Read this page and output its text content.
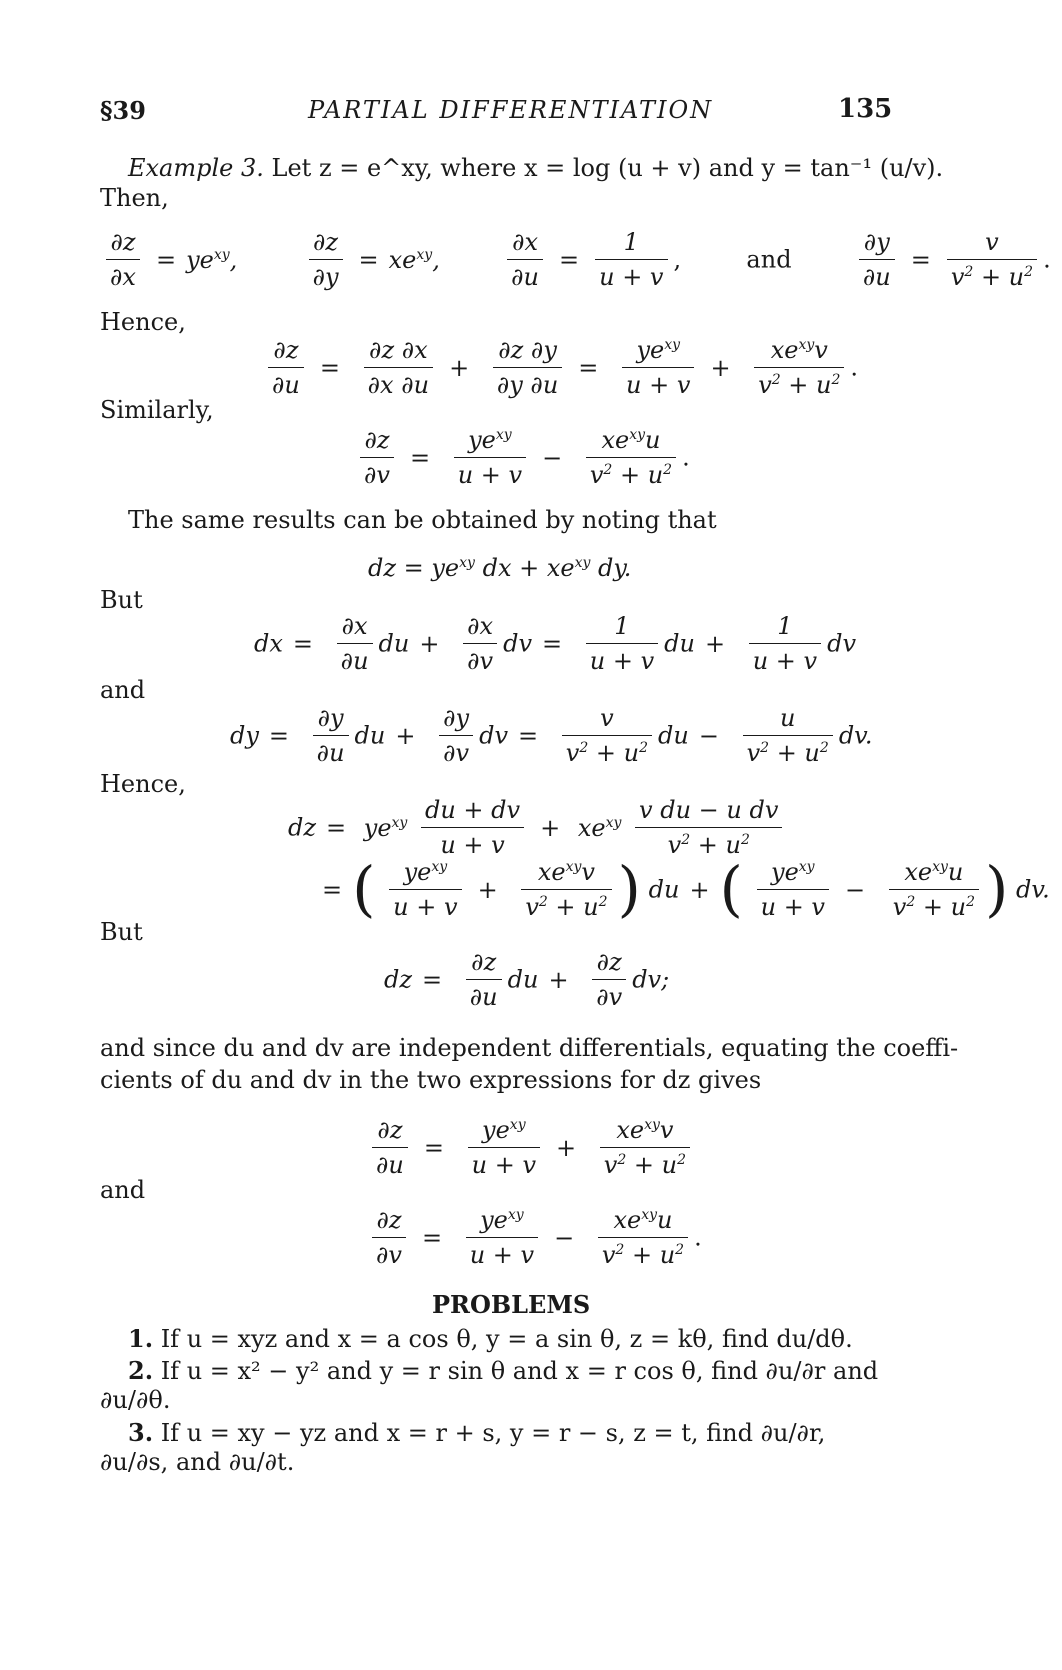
§39	PARTIAL DIFFERENTIATION	135
Example 3. Let z = e^xy, where x = log (u + v) and y = tan⁻¹ (u/v).
Then,
$\frac{\partial z}{\partial x} = ye^{xy}$,	$\frac{\partial z}{\partial y} = xe^{xy}$,	$\frac{\partial x}{\partial u} = \frac{1}{u + v}$ ,	and	$\frac{\partial y}{\partial u} = \frac{v}{v^2 + u^2}$ .
Hence,
$\frac{\partial z}{\partial u} = \frac{\partial z \partial x}{\partial x \partial u} + \frac{\partial z \partial y}{\partial y \partial u}$ =
$ye^{xy}$
u + v
+
$xe^{xy}v$
$v^2 + u^2$ .
Similarly,
$\frac{\partial z}{\partial v}$ =
$ye^{xy}$
u + v
−
$xe^{xy}u$
$v^2 + u^2$ .
The same results can be obtained by noting that
dz = $ye^{xy}$ dx + $xe^{xy}$ dy.
But
dx = $\frac{\partial x}{\partial u}$ du + $\frac{\partial x}{\partial v}$ dv = $\frac{1}{u + v}$ du + $\frac{1}{u + v}$ dv
and
dy = $\frac{\partial y}{\partial u}$ du + $\frac{\partial y}{\partial v}$ dv = $\frac{v}{v^2 + u^2}$ du − $\frac{u}{v^2 + u^2}$ dv.
Hence,
dz = $ye^{xy} \frac{du + dv}{u + v} + xe^{xy} \frac{\text{v du − u dv}}{v^2 + u^2}$
= (	$ye^{xy}$
u + v
+
$xe^{xy}v$
$v^2 + u^2$ ) du + (	$ye^{xy}$
u + v
−
$xe^{xy}u$
$v^2 + u^2$ ) dv.
But
dz = $\frac{\partial z}{\partial u}$ du + $\frac{\partial z}{\partial v}$ dv;
and since du and dv are independent differentials, equating the coeffi-
cients of du and dv in the two expressions for dz gives
$\frac{\partial z}{\partial u}$ =
$ye^{xy}$
u + v
+
$xe^{xy}v$
$v^2 + u^2$
and
$\frac{\partial z}{\partial v}$ =
$ye^{xy}$
u + v
−
$xe^{xy}u$
$v^2 + u^2$ .
PROBLEMS
1. If u = xyz and x = a cos θ, y = a sin θ, z = kθ, find du/dθ.
2. If u = x² − y² and y = r sin θ and x = r cos θ, find ∂u/∂r and
∂u/∂θ.
3. If u = xy − yz and x = r + s, y = r − s, z = t, find ∂u/∂r,
∂u/∂s, and ∂u/∂t.
